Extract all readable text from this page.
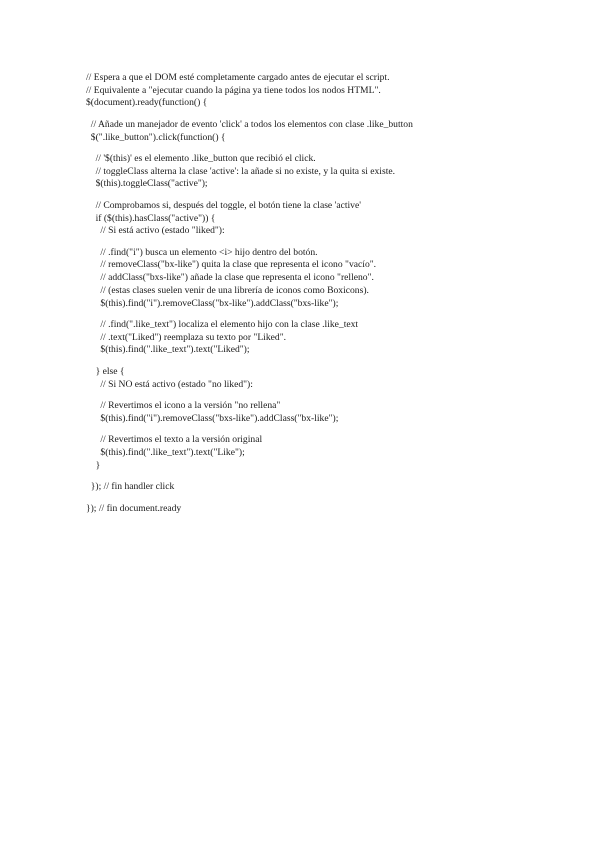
// Espera a que el DOM esté completamente cargado antes de ejecutar el script.
// Equivalente a "ejecutar cuando la página ya tiene todos los nodos HTML".
$(document).ready(function() {
// Añade un manejador de evento 'click' a todos los elementos con clase .like_button
$(".like_button").click(function() {
// '$(this)' es el elemento .like_button que recibió el click.
// toggleClass alterna la clase 'active': la añade si no existe, y la quita si existe.
$(this).toggleClass("active");
// Comprobamos si, después del toggle, el botón tiene la clase 'active'
if ($(this).hasClass("active")) {
// Si está activo (estado "liked"):
// .find("i") busca un elemento <i> hijo dentro del botón.
// removeClass("bx-like") quita la clase que representa el icono "vacío".
// addClass("bxs-like") añade la clase que representa el icono "relleno".
// (estas clases suelen venir de una librería de iconos como Boxicons).
$(this).find("i").removeClass("bx-like").addClass("bxs-like");
// .find(".like_text") localiza el elemento hijo con la clase .like_text
// .text("Liked") reemplaza su texto por "Liked".
$(this).find(".like_text").text("Liked");
} else {
// Si NO está activo (estado "no liked"):
// Revertimos el icono a la versión "no rellena"
$(this).find("i").removeClass("bxs-like").addClass("bx-like");
// Revertimos el texto a la versión original
$(this).find(".like_text").text("Like");
}
}); // fin handler click
}); // fin document.ready
